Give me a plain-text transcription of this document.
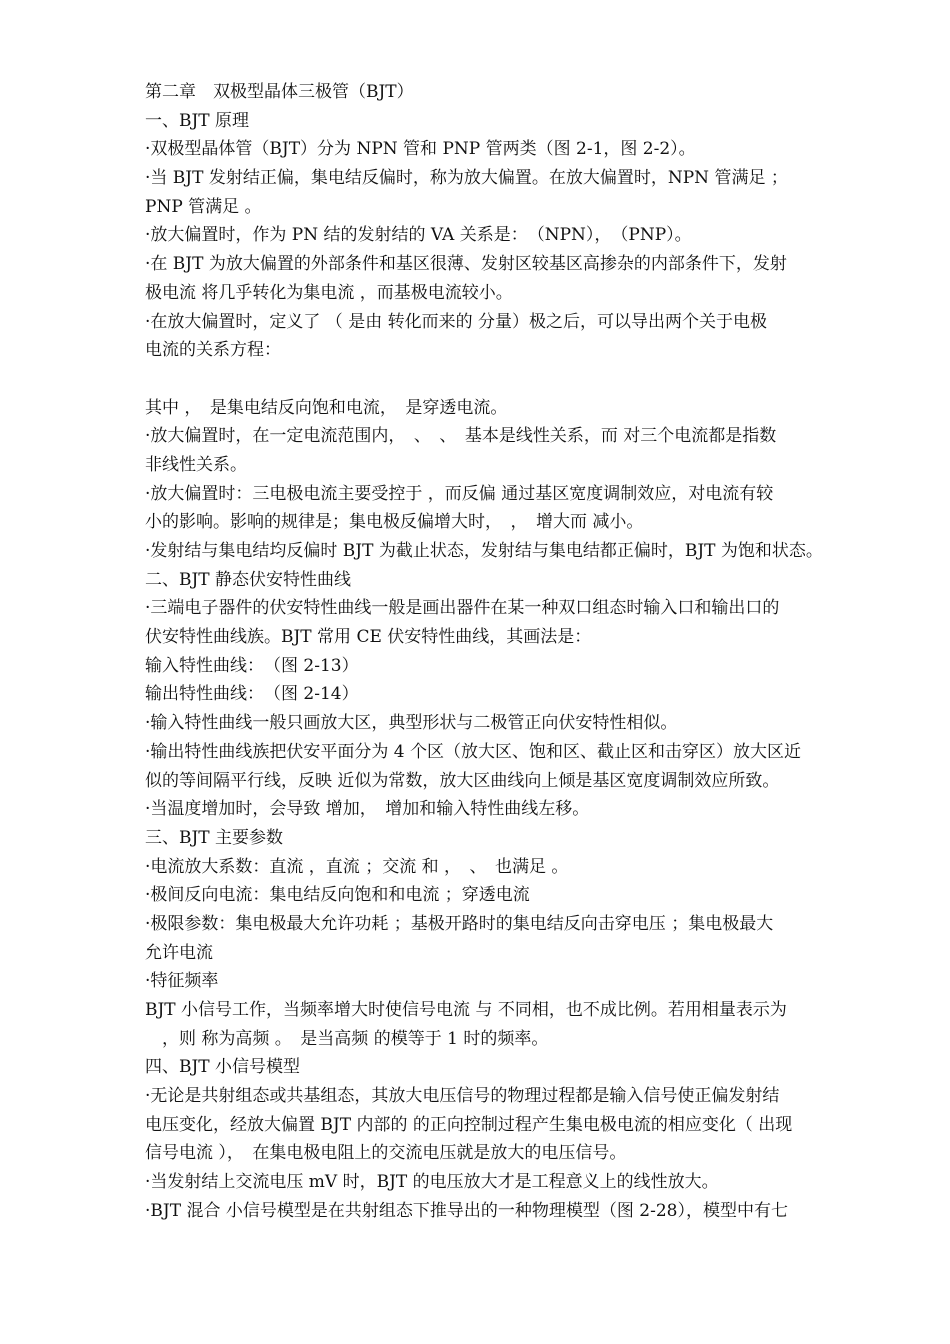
第二章　双极型晶体三极管（BJT）
一、BJT 原理
·双极型晶体管（BJT）分为 NPN 管和 PNP 管两类（图 2-1，图 2-2）。
·当 BJT 发射结正偏，集电结反偏时，称为放大偏置。在放大偏置时，NPN 管满足 ；
PNP 管满足 。
·放大偏置时，作为 PN 结的发射结的 VA 关系是：　（NPN），　（PNP）。
·在 BJT 为放大偏置的外部条件和基区很薄、发射区较基区高掺杂的内部条件下，发射
极电流 将几乎转化为集电流 ，而基极电流较小。
·在放大偏置时，定义了 （ 是由 转化而来的 分量）极之后，可以导出两个关于电极
电流的关系方程：
其中 ，　是集电结反向饱和电流，　是穿透电流。
·放大偏置时，在一定电流范围内，　、　、　基本是线性关系，而 对三个电流都是指数
非线性关系。
·放大偏置时：三电极电流主要受控于 ，而反偏 通过基区宽度调制效应，对电流有较
小的影响。影响的规律是；集电极反偏增大时，　，　增大而 减小。
·发射结与集电结均反偏时 BJT 为截止状态，发射结与集电结都正偏时，BJT 为饱和状态。
二、BJT 静态伏安特性曲线
·三端电子器件的伏安特性曲线一般是画出器件在某一种双口组态时输入口和输出口的
伏安特性曲线族。BJT 常用 CE 伏安特性曲线，其画法是：
输入特性曲线：　（图 2-13）
输出特性曲线：　（图 2-14）
·输入特性曲线一般只画放大区，典型形状与二极管正向伏安特性相似。
·输出特性曲线族把伏安平面分为 4 个区（放大区、饱和区、截止区和击穿区）放大区近
似的等间隔平行线，反映 近似为常数，放大区曲线向上倾是基区宽度调制效应所致。
·当温度增加时，会导致 增加，　增加和输入特性曲线左移。
三、BJT 主要参数
·电流放大系数：直流 ，直流 ；交流 和 ，　、　也满足 。
·极间反向电流：集电结反向饱和和电流 ；穿透电流
·极限参数：集电极最大允许功耗 ；基极开路时的集电结反向击穿电压 ；集电极最大
允许电流
·特征频率
BJT 小信号工作，当频率增大时使信号电流 与 不同相，也不成比例。若用相量表示为
　，则 称为高频 。　是当高频 的模等于 1 时的频率。
四、BJT 小信号模型
·无论是共射组态或共基组态，其放大电压信号的物理过程都是输入信号使正偏发射结
电压变化，经放大偏置 BJT 内部的 的正向控制过程产生集电极电流的相应变化（ 出现
信号电流 ），　在集电极电阻上的交流电压就是放大的电压信号。
·当发射结上交流电压 mV 时，BJT 的电压放大才是工程意义上的线性放大。
·BJT 混合 小信号模型是在共射组态下推导出的一种物理模型（图 2-28），模型中有七
